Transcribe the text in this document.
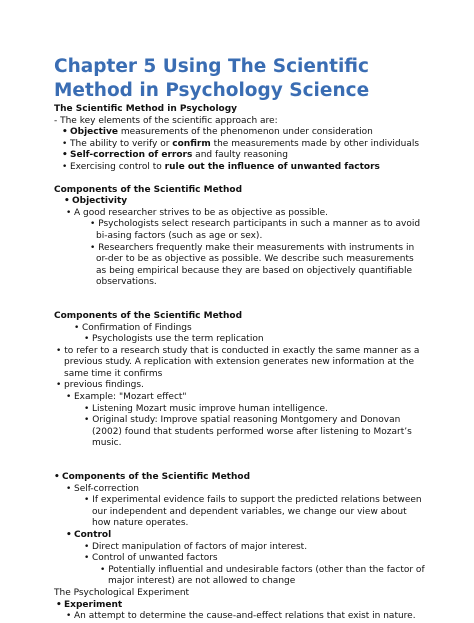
Chapter 5 Using The Scientific Method in Psychology Science

The Scientific Method in Psychology

- The key elements of the scientific approach are:

• Objective measurements of the phenomenon under consideration

• The ability to verify or confirm the measurements made by other individuals

• Self-correction of errors and faulty reasoning

• Exercising control to rule out the influence of unwanted factors

Components of the Scientific Method

• Objectivity

• A good researcher strives to be as objective as possible.

• Psychologists select research participants in such a manner as to avoid bi-asing factors (such as age or sex).
• Researchers frequently make their measurements with instruments in or-der to be as objective as possible. We describe such measurements as being empirical because they are based on objectively quantifiable observations.

Components of the Scientific Method

• Confirmation of Findings

• Psychologists use the term replication

• to refer to a research study that is conducted in exactly the same manner as a previous study. A replication with extension generates new information at the same time it confirms

• previous findings.

• Example: "Mozart effect"

• Listening Mozart music improve human intelligence.

• Original study: Improve spatial reasoning Montgomery and Donovan (2002) found that students performed worse after listening to Mozart’s music.

• Components of the Scientific Method

• Self-correction

• If experimental evidence fails to support the predicted relations between our independent and dependent variables, we change our view about how nature operates.

• Control

• Direct manipulation of factors of major interest.

• Control of unwanted factors

• Potentially influential and undesirable factors (other than the factor of major interest) are not allowed to change

The Psychological Experiment

• Experiment

• An attempt to determine the cause-and-effect relations that exist in nature.
